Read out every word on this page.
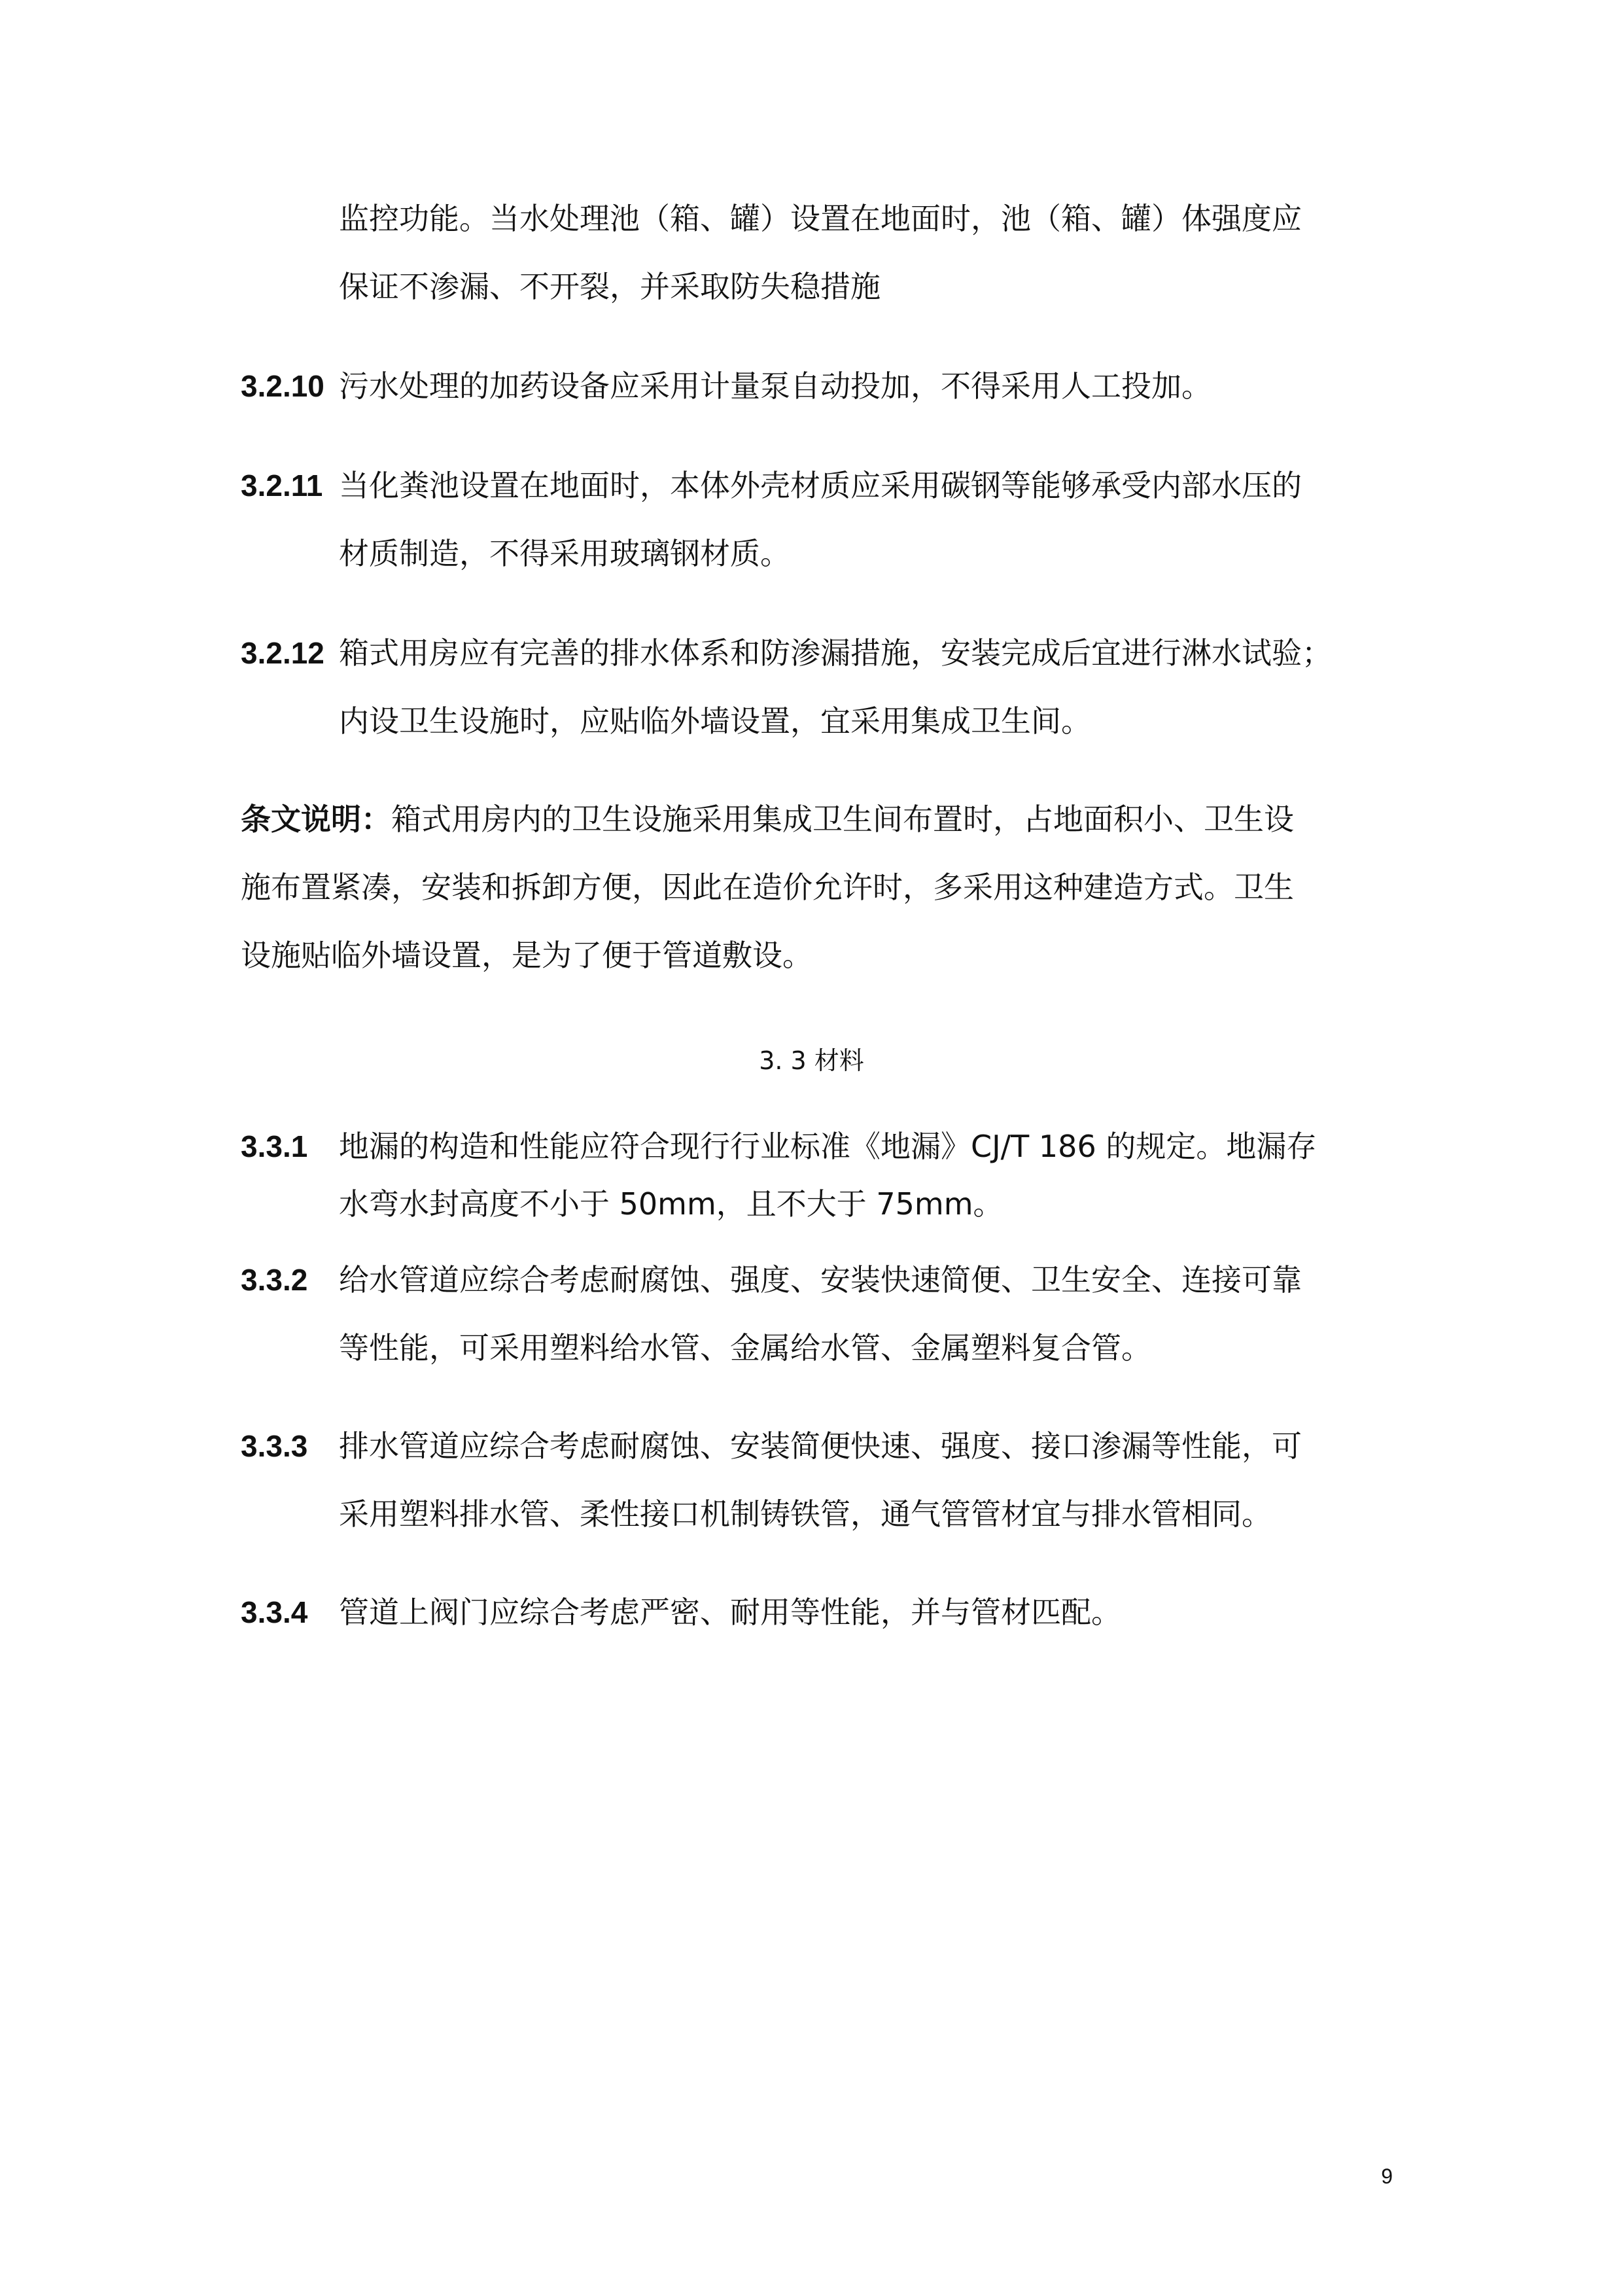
监控功能。当水处理池（箱、罐）设置在地面时，池（箱、罐）体强度应
保证不渗漏、不开裂，并采取防失稳措施
3.2.10 污水处理的加药设备应采用计量泵自动投加，不得采用人工投加。
3.2.11 当化粪池设置在地面时，本体外壳材质应采用碳钢等能够承受内部水压的
材质制造，不得采用玻璃钢材质。
3.2.12 箱式用房应有完善的排水体系和防渗漏措施，安装完成后宜进行淋水试验；
内设卫生设施时，应贴临外墙设置，宜采用集成卫生间。
条文说明：箱式用房内的卫生设施采用集成卫生间布置时，占地面积小、卫生设
施布置紧凑，安装和拆卸方便，因此在造价允许时，多采用这种建造方式。卫生
设施贴临外墙设置，是为了便于管道敷设。
3. 3 材料
3.3.1 地漏的构造和性能应符合现行行业标准《地漏》CJ/T 186 的规定。地漏存
水弯水封高度不小于 50mm，且不大于 75mm。
3.3.2 给水管道应综合考虑耐腐蚀、强度、安装快速简便、卫生安全、连接可靠
等性能，可采用塑料给水管、金属给水管、金属塑料复合管。
3.3.3 排水管道应综合考虑耐腐蚀、安装简便快速、强度、接口渗漏等性能，可
采用塑料排水管、柔性接口机制铸铁管，通气管管材宜与排水管相同。
3.3.4 管道上阀门应综合考虑严密、耐用等性能，并与管材匹配。
9
